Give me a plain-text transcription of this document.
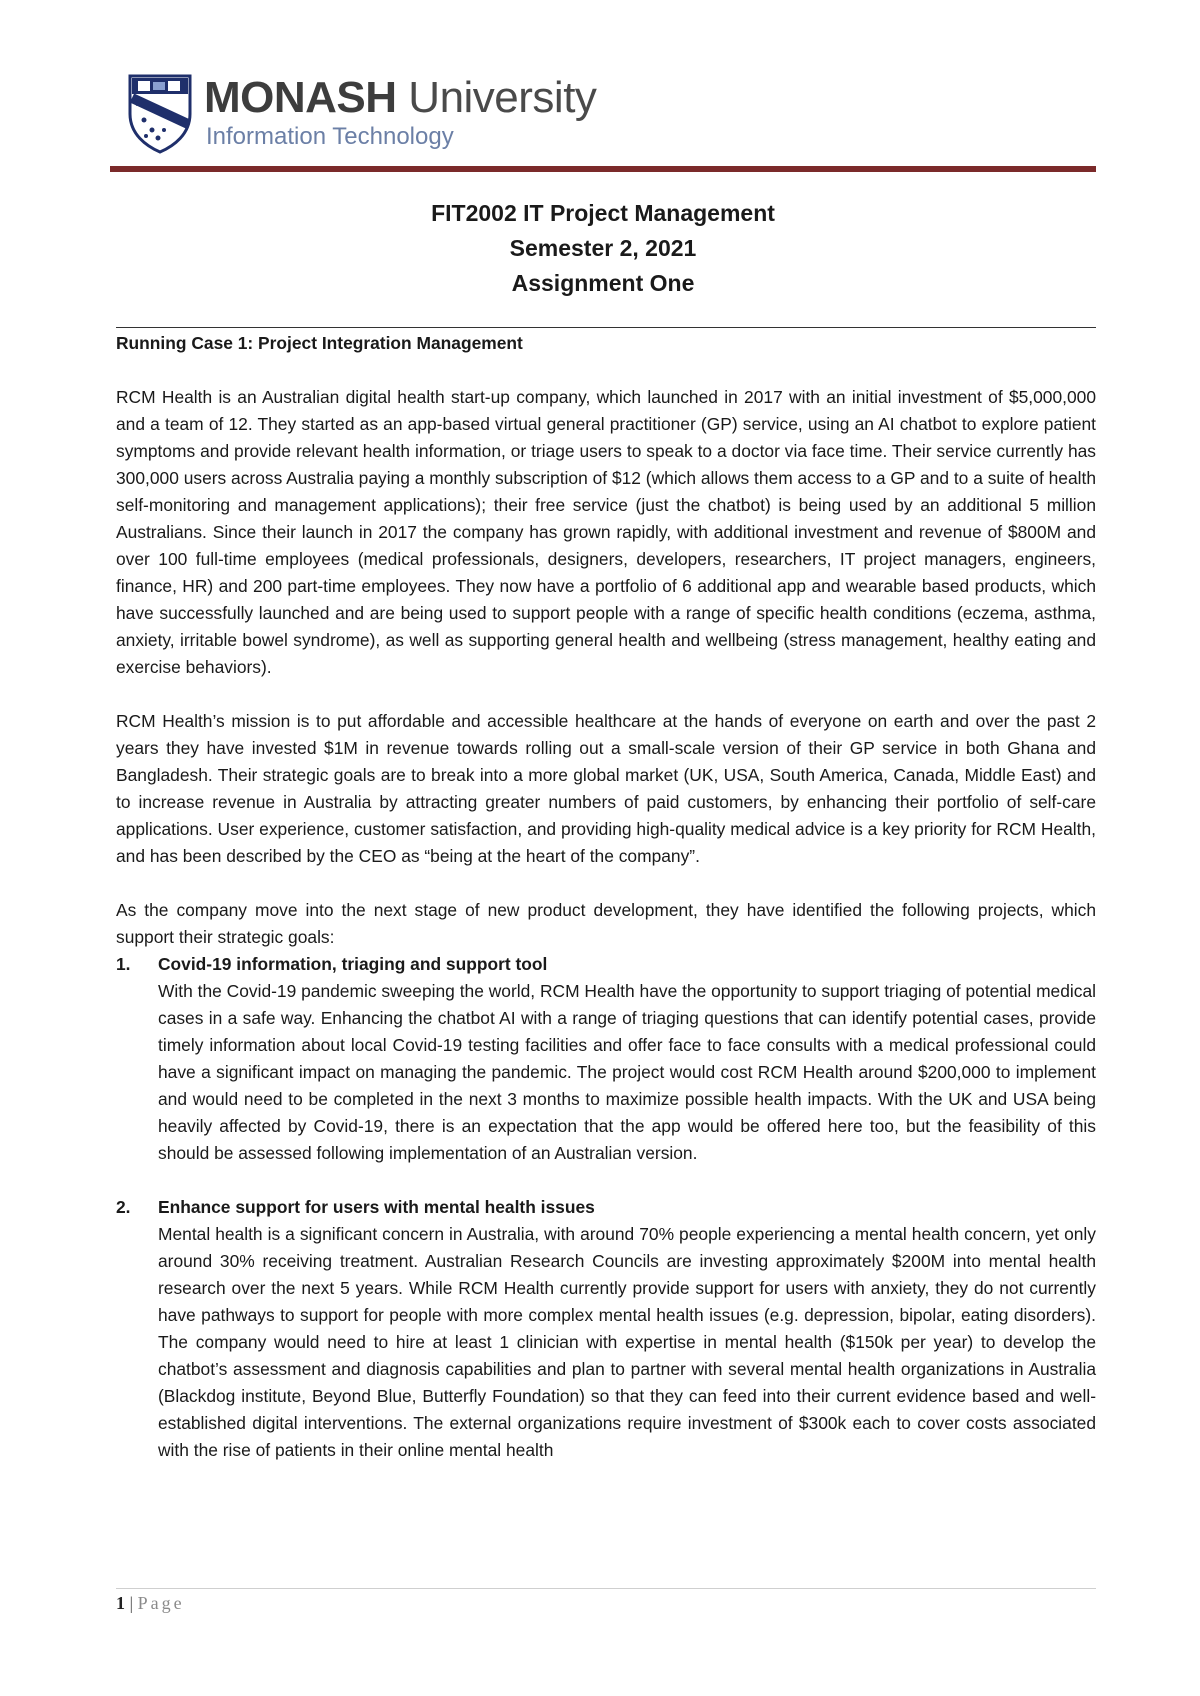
MONASH University
Information Technology
FIT2002 IT Project Management
Semester 2, 2021
Assignment One

Running Case 1: Project Integration Management

RCM Health is an Australian digital health start-up company, which launched in 2017 with an initial investment of $5,000,000 and a team of 12. They started as an app-based virtual general practitioner (GP) service, using an AI chatbot to explore patient symptoms and provide relevant health information, or triage users to speak to a doctor via face time. Their service currently has 300,000 users across Australia paying a monthly subscription of $12 (which allows them access to a GP and to a suite of health self-monitoring and management applications); their free service (just the chatbot) is being used by an additional 5 million Australians. Since their launch in 2017 the company has grown rapidly, with additional investment and revenue of $800M and over 100 full-time employees (medical professionals, designers, developers, researchers, IT project managers, engineers, finance, HR) and 200 part-time employees. They now have a portfolio of 6 additional app and wearable based products, which have successfully launched and are being used to support people with a range of specific health conditions (eczema, asthma, anxiety, irritable bowel syndrome), as well as supporting general health and wellbeing (stress management, healthy eating and exercise behaviors).

RCM Health’s mission is to put affordable and accessible healthcare at the hands of everyone on earth and over the past 2 years they have invested $1M in revenue towards rolling out a small-scale version of their GP service in both Ghana and Bangladesh. Their strategic goals are to break into a more global market (UK, USA, South America, Canada, Middle East) and to increase revenue in Australia by attracting greater numbers of paid customers, by enhancing their portfolio of self-care applications. User experience, customer satisfaction, and providing high-quality medical advice is a key priority for RCM Health, and has been described by the CEO as “being at the heart of the company”.

As the company move into the next stage of new product development, they have identified the following projects, which support their strategic goals:

1.	Covid-19 information, triaging and support tool

With the Covid-19 pandemic sweeping the world, RCM Health have the opportunity to support triaging of potential medical cases in a safe way. Enhancing the chatbot AI with a range of triaging questions that can identify potential cases, provide timely information about local Covid-19 testing facilities and offer face to face consults with a medical professional could have a significant impact on managing the pandemic. The project would cost RCM Health around $200,000 to implement and would need to be completed in the next 3 months to maximize possible health impacts. With the UK and USA being heavily affected by Covid-19, there is an expectation that the app would be offered here too, but the feasibility of this should be assessed following implementation of an Australian version.

2.	Enhance support for users with mental health issues

Mental health is a significant concern in Australia, with around 70% people experiencing a mental health concern, yet only around 30% receiving treatment. Australian Research Councils are investing approximately $200M into mental health research over the next 5 years. While RCM Health currently provide support for users with anxiety, they do not currently have pathways to support for people with more complex mental health issues (e.g. depression, bipolar, eating disorders). The company would need to hire at least 1 clinician with expertise in mental health ($150k per year) to develop the chatbot’s assessment and diagnosis capabilities and plan to partner with several mental health organizations in Australia (Blackdog institute, Beyond Blue, Butterfly Foundation) so that they can feed into their current evidence based and well-established digital interventions. The external organizations require investment of $300k each to cover costs associated with the rise of patients in their online mental health

1 | Page
